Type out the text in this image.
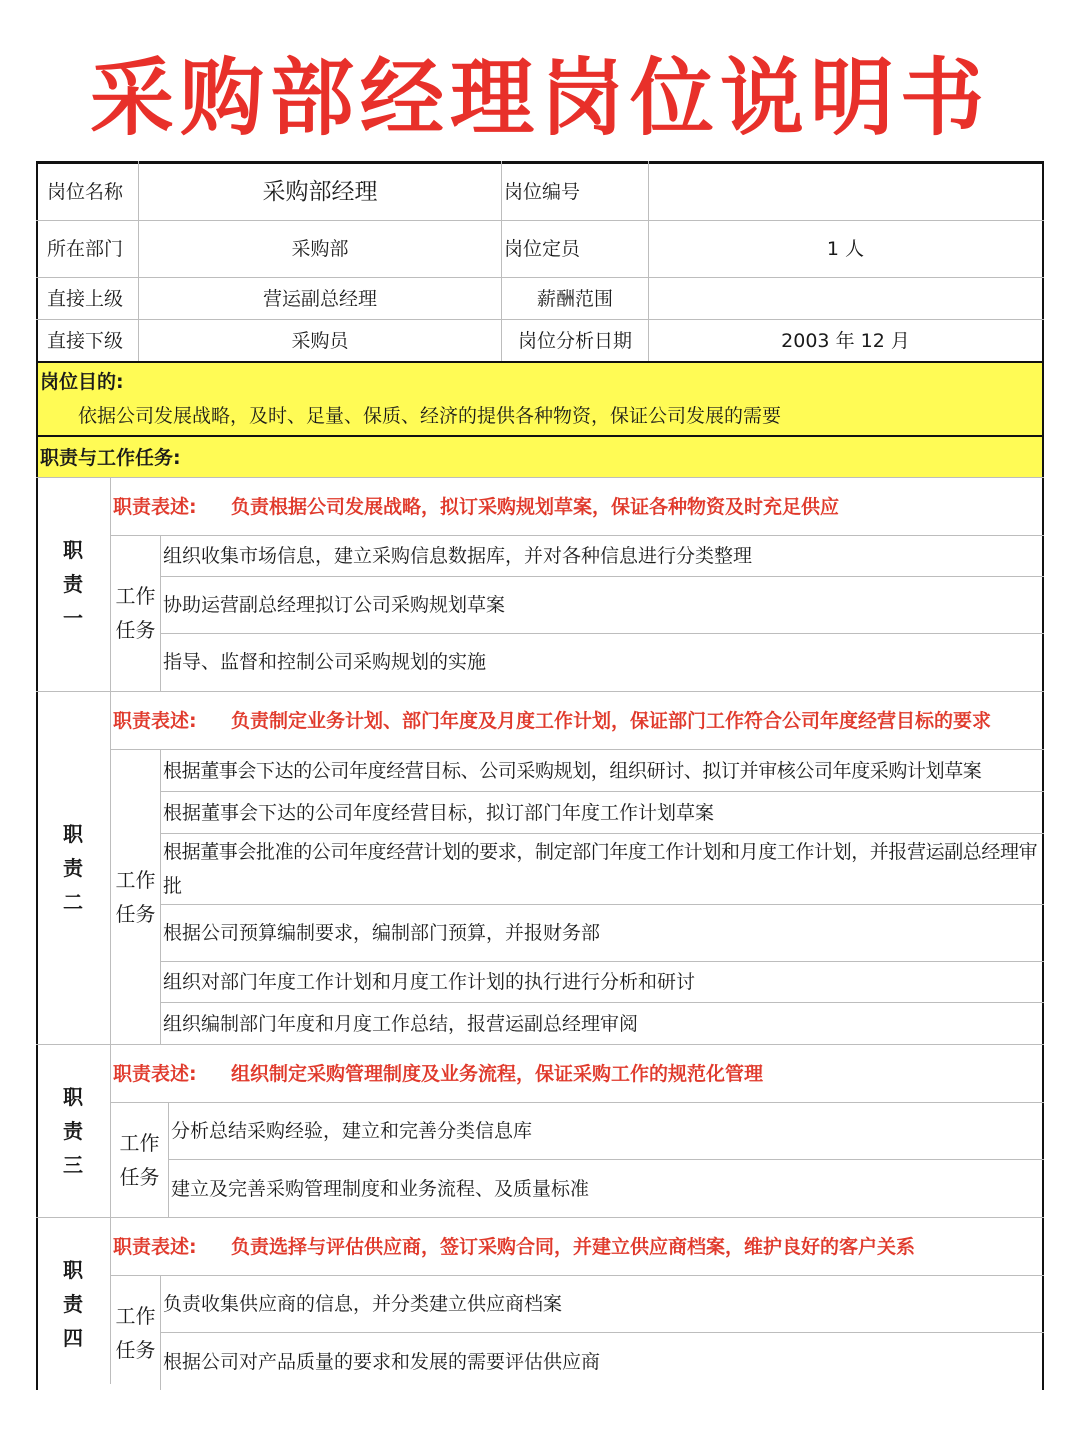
采购部经理岗位说明书
岗位名称	采购部经理	岗位编号
所在部门	采购部	岗位定员	1 人
直接上级	营运副总经理	薪酬范围
直接下级	采购员	岗位分析日期	2003 年 12 月
岗位目的:
依据公司发展战略，及时、足量、保质、经济的提供各种物资，保证公司发展的需要
职责与工作任务:
职
责
一
职责表述:	负责根据公司发展战略，拟订采购规划草案，保证各种物资及时充足供应
工作
任务
组织收集市场信息，建立采购信息数据库，并对各种信息进行分类整理
协助运营副总经理拟订公司采购规划草案
指导、监督和控制公司采购规划的实施
职
责
二
职责表述:	负责制定业务计划、部门年度及月度工作计划，保证部门工作符合公司年度经营目标的要求
工作
任务
根据董事会下达的公司年度经营目标、公司采购规划，组织研讨、拟订并审核公司年度采购计划草案
根据董事会下达的公司年度经营目标，拟订部门年度工作计划草案
根据董事会批准的公司年度经营计划的要求，制定部门年度工作计划和月度工作计划，并报营运副总经理审批
根据公司预算编制要求，编制部门预算，并报财务部
组织对部门年度工作计划和月度工作计划的执行进行分析和研讨
组织编制部门年度和月度工作总结，报营运副总经理审阅
职
责
三
职责表述:	组织制定采购管理制度及业务流程，保证采购工作的规范化管理
工作
任务
分析总结采购经验，建立和完善分类信息库
建立及完善采购管理制度和业务流程、及质量标准
职
责
四
职责表述:	负责选择与评估供应商，签订采购合同，并建立供应商档案，维护良好的客户关系
工作
任务
负责收集供应商的信息，并分类建立供应商档案
根据公司对产品质量的要求和发展的需要评估供应商
